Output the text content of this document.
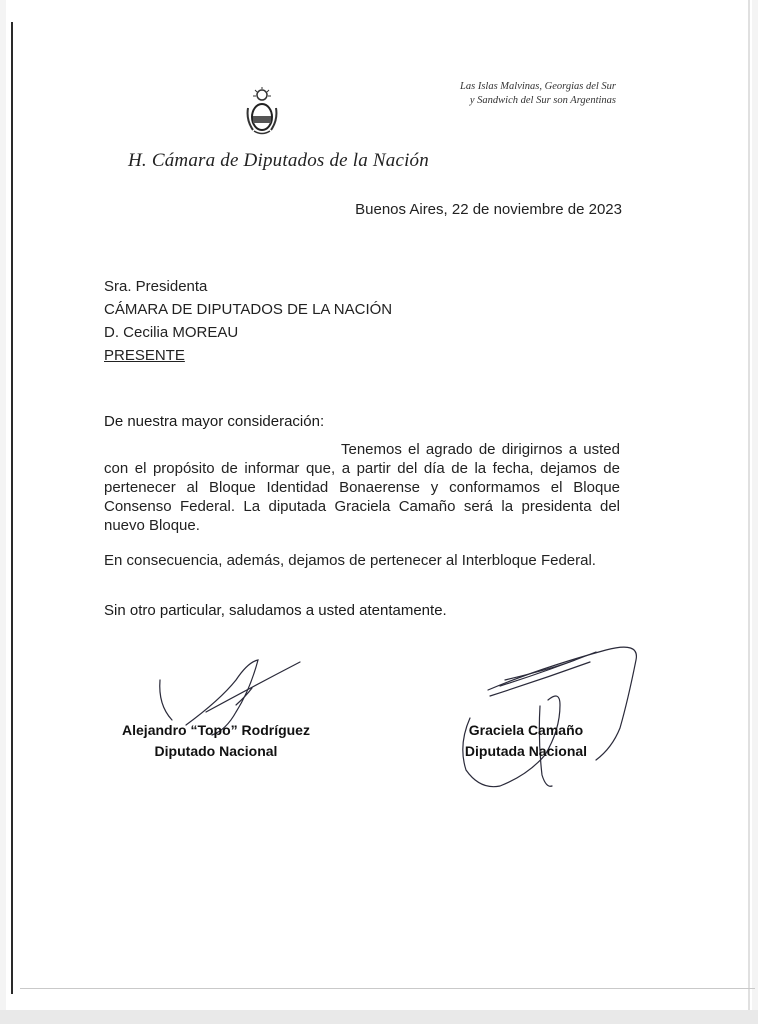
Las Islas Malvinas, Georgias del Sur
y Sandwich del Sur son Argentinas
H. Cámara de Diputados de la Nación
Buenos Aires, 22 de noviembre de 2023
Sra. Presidenta
CÁMARA DE DIPUTADOS DE LA NACIÓN
D. Cecilia MOREAU
PRESENTE
De nuestra mayor consideración:
Tenemos el agrado de dirigirnos a usted con el propósito de informar que, a partir del día de la fecha, dejamos de pertenecer al Bloque Identidad Bonaerense y conformamos el Bloque Consenso Federal. La diputada Graciela Camaño será la presidenta del nuevo Bloque.
En consecuencia, además, dejamos de pertenecer al Interbloque Federal.
Sin otro particular, saludamos a usted atentamente.
Alejandro “Topo” Rodríguez
Diputado Nacional
Graciela Camaño
Diputada Nacional
